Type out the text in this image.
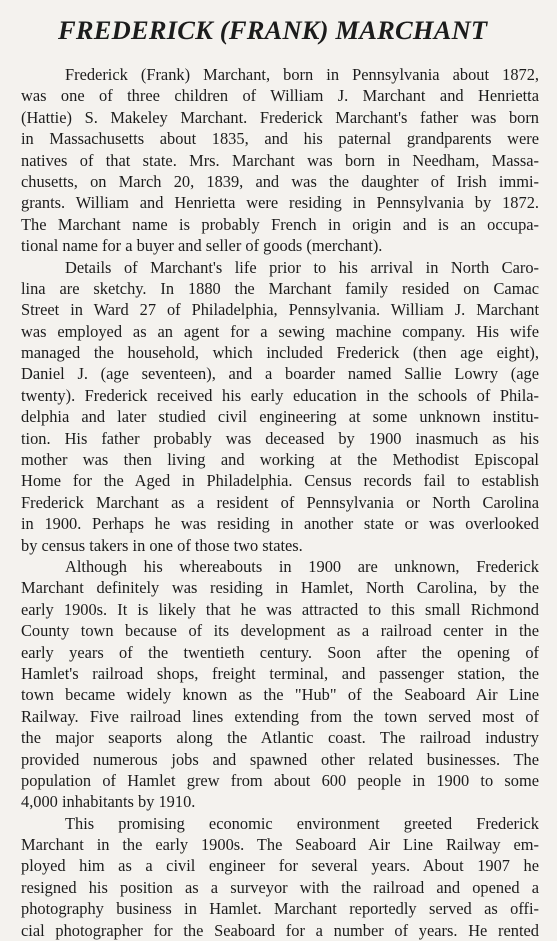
FREDERICK (FRANK) MARCHANT

Frederick (Frank) Marchant, born in Pennsylvania about 1872,
was one of three children of William J. Marchant and Henrietta
(Hattie) S. Makeley Marchant. Frederick Marchant's father was born
in Massachusetts about 1835, and his paternal grandparents were
natives of that state. Mrs. Marchant was born in Needham, Massa-
chusetts, on March 20, 1839, and was the daughter of Irish immi-
grants. William and Henrietta were residing in Pennsylvania by 1872.
The Marchant name is probably French in origin and is an occupa-
tional name for a buyer and seller of goods (merchant).

Details of Marchant's life prior to his arrival in North Caro-
lina are sketchy. In 1880 the Marchant family resided on Camac
Street in Ward 27 of Philadelphia, Pennsylvania. William J. Marchant
was employed as an agent for a sewing machine company. His wife
managed the household, which included Frederick (then age eight),
Daniel J. (age seventeen), and a boarder named Sallie Lowry (age
twenty). Frederick received his early education in the schools of Phila-
delphia and later studied civil engineering at some unknown institu-
tion. His father probably was deceased by 1900 inasmuch as his
mother was then living and working at the Methodist Episcopal
Home for the Aged in Philadelphia. Census records fail to establish
Frederick Marchant as a resident of Pennsylvania or North Carolina
in 1900. Perhaps he was residing in another state or was overlooked
by census takers in one of those two states.

Although his whereabouts in 1900 are unknown, Frederick
Marchant definitely was residing in Hamlet, North Carolina, by the
early 1900s. It is likely that he was attracted to this small Richmond
County town because of its development as a railroad center in the
early years of the twentieth century. Soon after the opening of
Hamlet's railroad shops, freight terminal, and passenger station, the
town became widely known as the "Hub" of the Seaboard Air Line
Railway. Five railroad lines extending from the town served most of
the major seaports along the Atlantic coast. The railroad industry
provided numerous jobs and spawned other related businesses. The
population of Hamlet grew from about 600 people in 1900 to some
4,000 inhabitants by 1910.

This promising economic environment greeted Frederick
Marchant in the early 1900s. The Seaboard Air Line Railway em-
ployed him as a civil engineer for several years. About 1907 he
resigned his position as a surveyor with the railroad and opened a
photography business in Hamlet. Marchant reportedly served as offi-
cial photographer for the Seaboard for a number of years. He rented
